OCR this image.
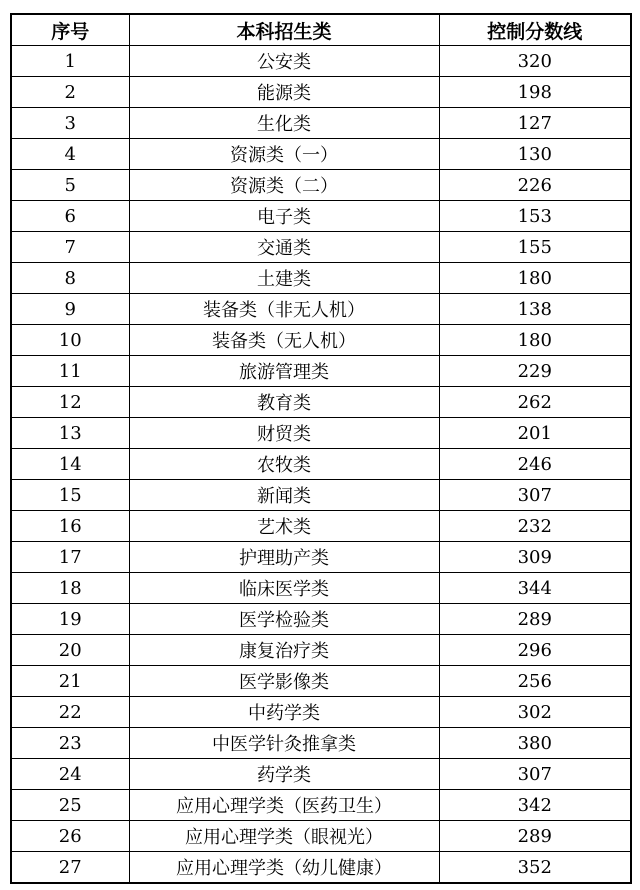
序号	本科招生类	控制分数线
1	公安类	320
2	能源类	198
3	生化类	127
4	资源类（一）	130
5	资源类（二）	226
6	电子类	153
7	交通类	155
8	土建类	180
9	装备类（非无人机）	138
10	装备类（无人机）	180
11	旅游管理类	229
12	教育类	262
13	财贸类	201
14	农牧类	246
15	新闻类	307
16	艺术类	232
17	护理助产类	309
18	临床医学类	344
19	医学检验类	289
20	康复治疗类	296
21	医学影像类	256
22	中药学类	302
23	中医学针灸推拿类	380
24	药学类	307
25	应用心理学类（医药卫生）	342
26	应用心理学类（眼视光）	289
27	应用心理学类（幼儿健康）	352
